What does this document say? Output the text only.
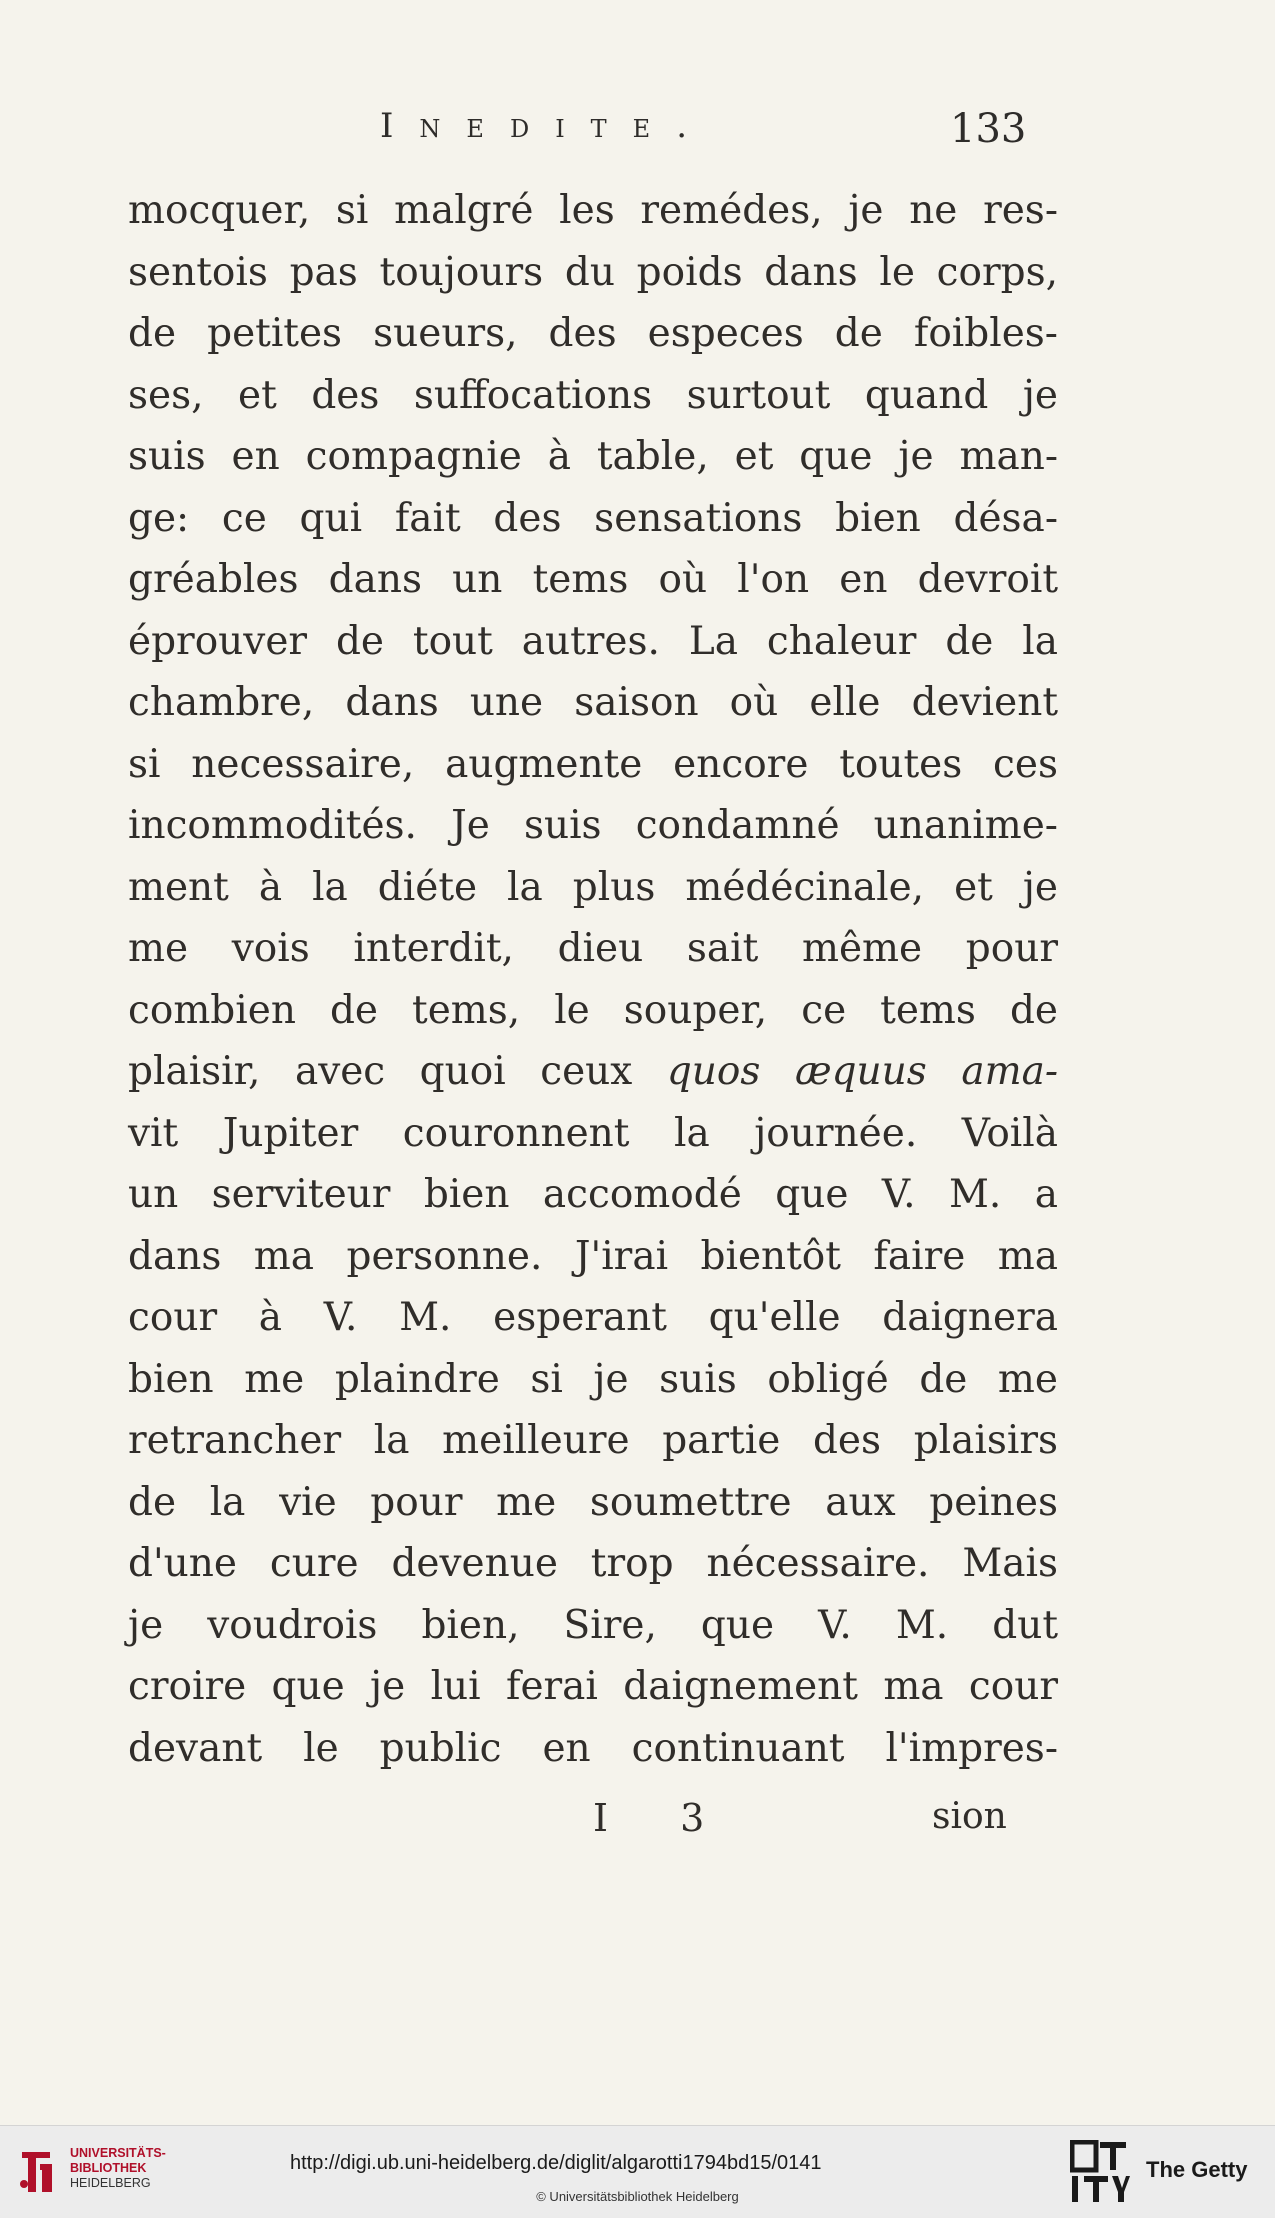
Inedite.	133
mocquer, si malgré les remédes, je ne res-
sentois pas toujours du poids dans le corps,
de petites sueurs, des especes de foibles-
ses, et des suffocations surtout quand je
suis en compagnie à table, et que je man-
ge: ce qui fait des sensations bien désa-
gréables dans un tems où l'on en devroit
éprouver de tout autres. La chaleur de la
chambre, dans une saison où elle devient
si necessaire, augmente encore toutes ces
incommodités. Je suis condamné unanime-
ment à la diéte la plus médécinale, et je
me vois interdit, dieu sait même pour
combien de tems, le souper, ce tems de
plaisir, avec quoi ceux quos æquus ama-
vit Jupiter couronnent la journée. Voilà
un serviteur bien accomodé que V. M. a
dans ma personne. J'irai bientôt faire ma
cour à V. M. esperant qu'elle daignera
bien me plaindre si je suis obligé de me
retrancher la meilleure partie des plaisirs
de la vie pour me soumettre aux peines
d'une cure devenue trop nécessaire. Mais
je voudrois bien, Sire, que V. M. dut
croire que je lui ferai daignement ma cour
devant le public en continuant l'impres-
I 3	sion
UNIVERSITÄTS-
BIBLIOTHEK
HEIDELBERG
http://digi.ub.uni-heidelberg.de/diglit/algarotti1794bd15/0141
© Universitätsbibliothek Heidelberg
The Getty
